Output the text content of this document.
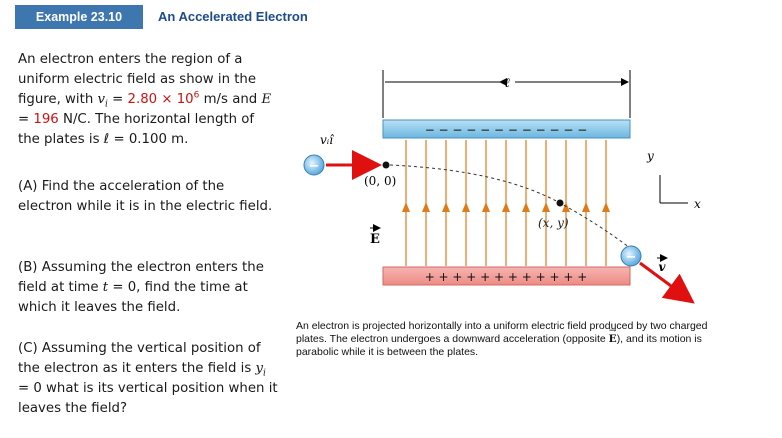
Example 23.10	An Accelerated Electron

An electron enters the region of a uniform electric field as show in the figure, with $v_i = 2.80 \times 10^6$ m/s and E = 196 N/C. The horizontal length of the plates is ℓ = 0.100 m.

(A) Find the acceleration of the electron while it is in the electric field.

(B) Assuming the electron enters the field at time t = 0, find the time at which it leaves the field.

(C) Assuming the vertical position of the electron as it enters the field is $y_i = 0$ what is its vertical position when it leaves the field?

ℓ
− − − − − − − − − − − −
+ + + + + + + + + + + +
−
vᵢî
(0, 0)
(x, y)
E
−
v
y
x

An electron is projected horizontally into a uniform electric field produced by two charged plates. The electron undergoes a downward acceleration (opposite → E), and its motion is parabolic while it is between the plates.
